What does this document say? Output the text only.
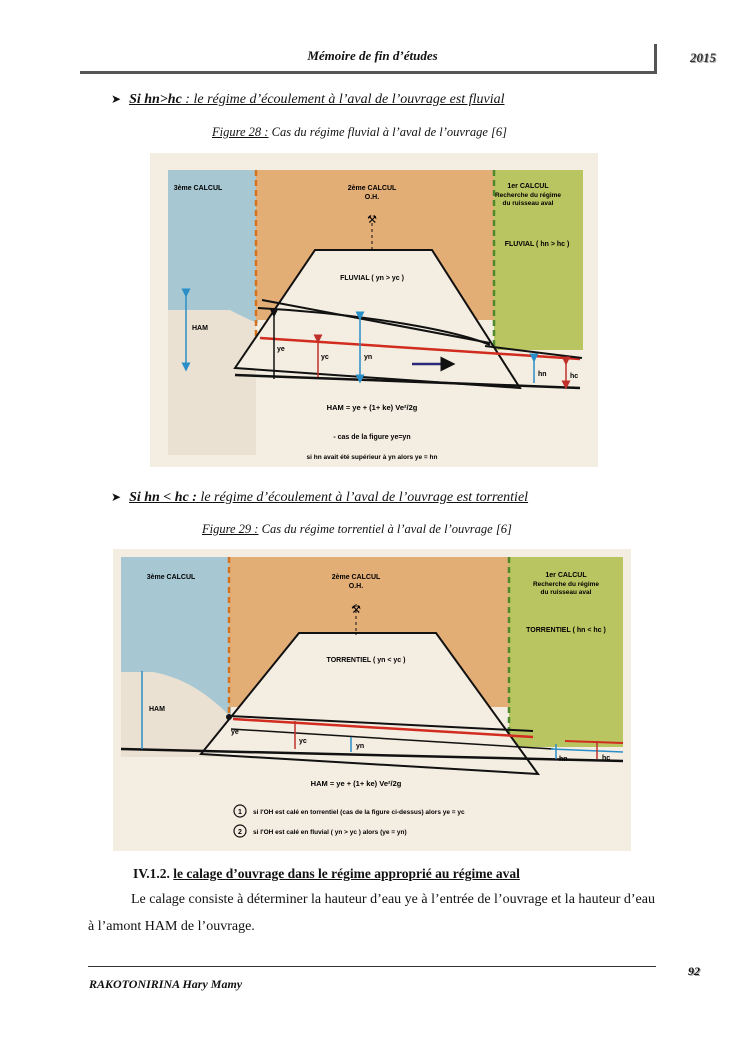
Mémoire de fin d’études	2015
➤ Si hn>hc : le régime d’écoulement à l’aval de l’ouvrage est fluvial
Figure 28 : Cas du régime fluvial à l’aval de l’ouvrage [6]
⚒
3ème CALCUL	2ème CALCUL
O.H.
1er CALCUL
Recherche du régime
du ruisseau aval
FLUVIAL ( hn > hc )
FLUVIAL ( yn > yc )
HAM
ye
yc	yn
hn	hc
HAM = ye + (1+ ke) Ve²/2g
- cas de la figure ye=yn
si hn avait été supérieur à yn alors ye = hn
➤ Si hn < hc : le régime d’écoulement à l’aval de l’ouvrage est torrentiel
Figure 29 : Cas du régime torrentiel à l’aval de l’ouvrage [6]
⚒
3ème CALCUL	2ème CALCUL
O.H.
1er CALCUL
Recherche du régime
du ruisseau aval
TORRENTIEL ( hn < hc )
TORRENTIEL ( yn < yc )
HAM
ye
yc
yn
hn	hc
HAM = ye + (1+ ke) Ve²/2g
1 si l'OH est calé en torrentiel (cas de la figure ci-dessus) alors ye = yc
2 si l'OH est calé en fluvial ( yn > yc ) alors (ye = yn)
IV.1.2. le calage d’ouvrage dans le régime approprié au régime aval
Le calage consiste à déterminer la hauteur d’eau ye à l’entrée de l’ouvrage et la hauteur d’eau à l’amont HAM de l’ouvrage.
92
RAKOTONIRINA Hary Mamy
